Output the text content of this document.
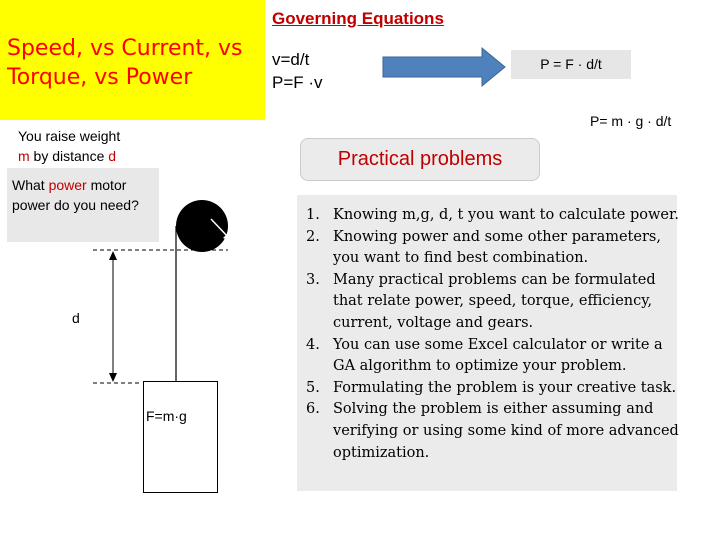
Speed, vs Current, vs Torque, vs Power
Governing Equations
v=d/t
P=F ·v
r
P = F · d/t
P= m · g · d/t
Practical problems
You raise weight
m by distance d
What power motor power do you need?
d
F=m·g
1. Knowing m,g, d, t you want to calculate power.
2. Knowing power and some other parameters, you want to find best combination.
3. Many practical problems can be formulated that relate power, speed, torque, efficiency, current, voltage and gears.
4. You can use some Excel calculator or write a GA algorithm to optimize your problem.
5. Formulating the problem is your creative task.
6. Solving the problem is either assuming and verifying or using some kind of more advanced optimization.
